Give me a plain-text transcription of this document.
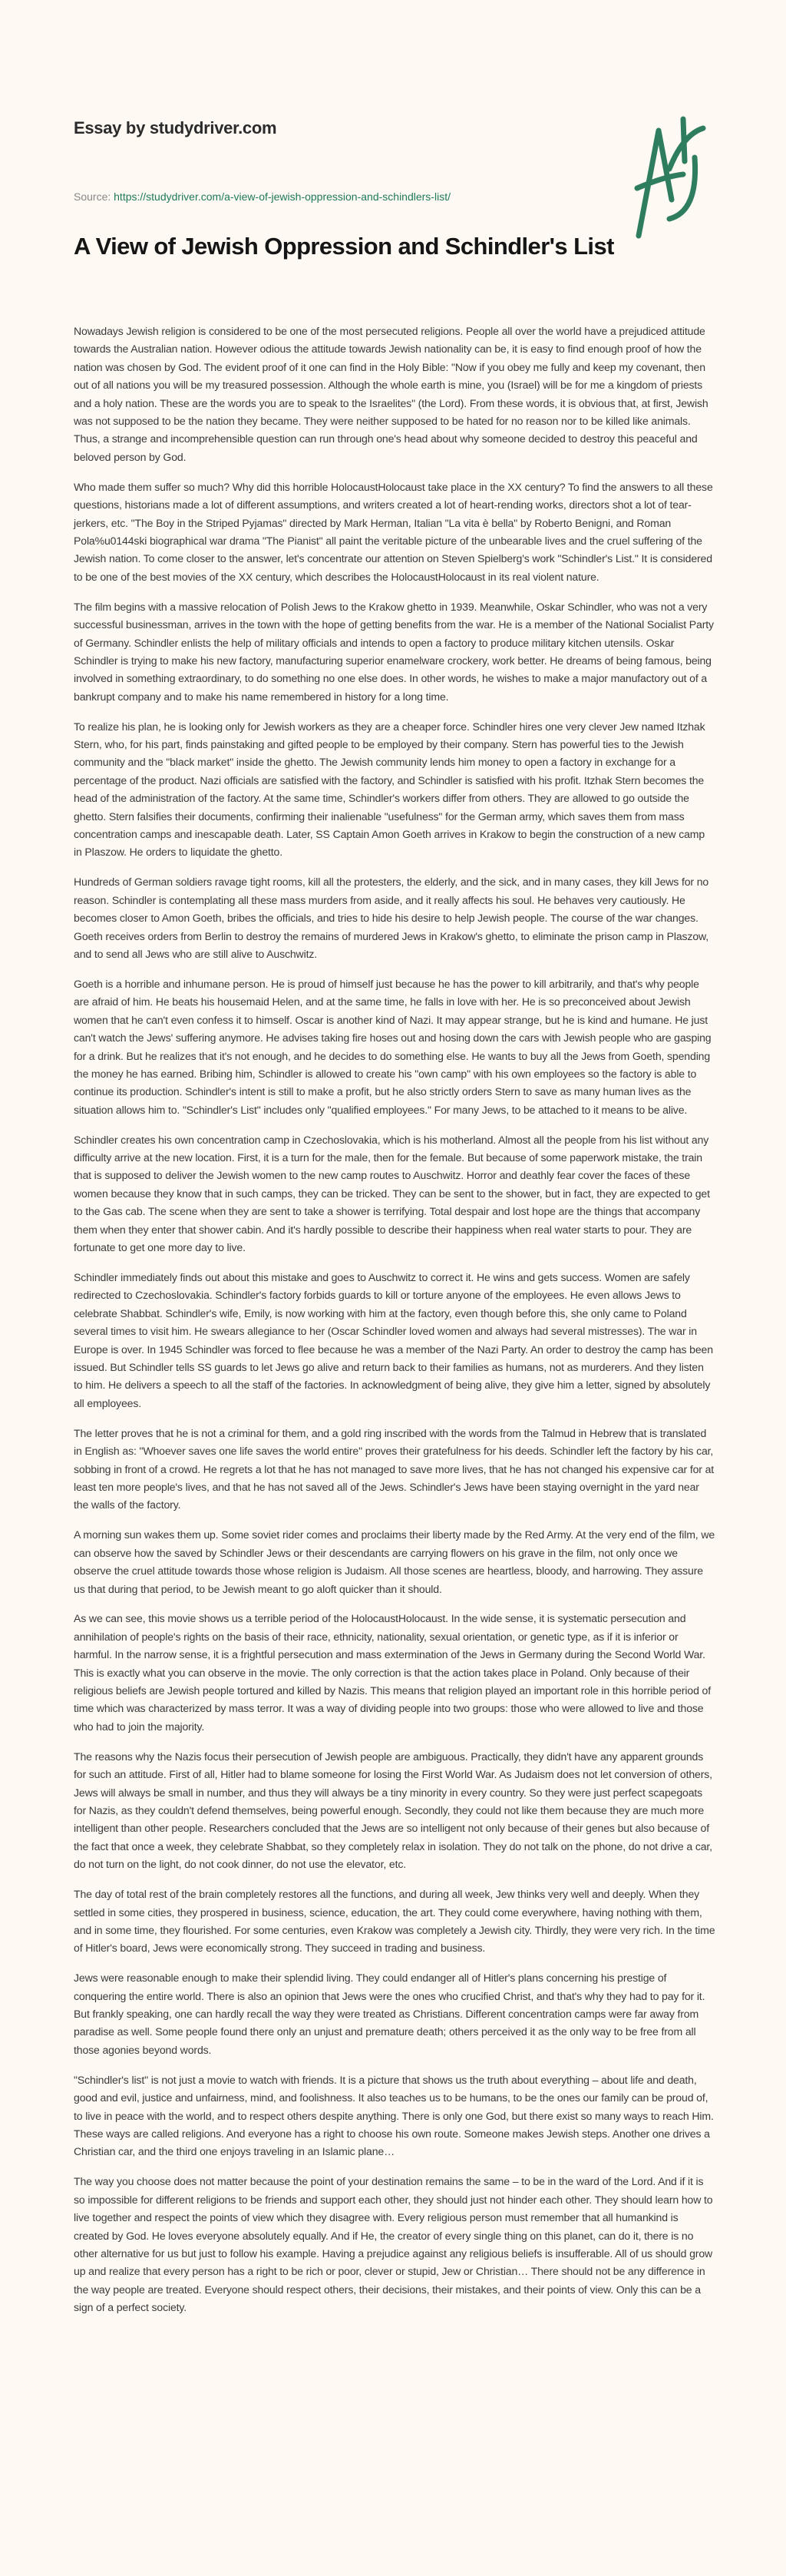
Essay by studydriver.com
Source: https://studydriver.com/a-view-of-jewish-oppression-and-schindlers-list/
A View of Jewish Oppression and Schindler's List

Nowadays Jewish religion is considered to be one of the most persecuted religions. People all over the world have a prejudiced attitude towards the Australian nation. However odious the attitude towards Jewish nationality can be, it is easy to find enough proof of how the nation was chosen by God. The evident proof of it one can find in the Holy Bible: "Now if you obey me fully and keep my covenant, then out of all nations you will be my treasured possession. Although the whole earth is mine, you (Israel) will be for me a kingdom of priests and a holy nation. These are the words you are to speak to the Israelites" (the Lord). From these words, it is obvious that, at first, Jewish was not supposed to be the nation they became. They were neither supposed to be hated for no reason nor to be killed like animals. Thus, a strange and incomprehensible question can run through one's head about why someone decided to destroy this peaceful and beloved person by God.

Who made them suffer so much? Why did this horrible HolocaustHolocaust take place in the XX century? To find the answers to all these questions, historians made a lot of different assumptions, and writers created a lot of heart-rending works, directors shot a lot of tear-jerkers, etc. "The Boy in the Striped Pyjamas" directed by Mark Herman, Italian "La vita è bella" by Roberto Benigni, and Roman Pola%u0144ski biographical war drama "The Pianist" all paint the veritable picture of the unbearable lives and the cruel suffering of the Jewish nation. To come closer to the answer, let's concentrate our attention on Steven Spielberg's work "Schindler's List." It is considered to be one of the best movies of the XX century, which describes the HolocaustHolocaust in its real violent nature.

The film begins with a massive relocation of Polish Jews to the Krakow ghetto in 1939. Meanwhile, Oskar Schindler, who was not a very successful businessman, arrives in the town with the hope of getting benefits from the war. He is a member of the National Socialist Party of Germany. Schindler enlists the help of military officials and intends to open a factory to produce military kitchen utensils. Oskar Schindler is trying to make his new factory, manufacturing superior enamelware crockery, work better. He dreams of being famous, being involved in something extraordinary, to do something no one else does. In other words, he wishes to make a major manufactory out of a bankrupt company and to make his name remembered in history for a long time.

To realize his plan, he is looking only for Jewish workers as they are a cheaper force. Schindler hires one very clever Jew named Itzhak Stern, who, for his part, finds painstaking and gifted people to be employed by their company. Stern has powerful ties to the Jewish community and the "black market" inside the ghetto. The Jewish community lends him money to open a factory in exchange for a percentage of the product. Nazi officials are satisfied with the factory, and Schindler is satisfied with his profit. Itzhak Stern becomes the head of the administration of the factory. At the same time, Schindler's workers differ from others. They are allowed to go outside the ghetto. Stern falsifies their documents, confirming their inalienable "usefulness" for the German army, which saves them from mass concentration camps and inescapable death. Later, SS Captain Amon Goeth arrives in Krakow to begin the construction of a new camp in Plaszow. He orders to liquidate the ghetto.

Hundreds of German soldiers ravage tight rooms, kill all the protesters, the elderly, and the sick, and in many cases, they kill Jews for no reason. Schindler is contemplating all these mass murders from aside, and it really affects his soul. He behaves very cautiously. He becomes closer to Amon Goeth, bribes the officials, and tries to hide his desire to help Jewish people. The course of the war changes. Goeth receives orders from Berlin to destroy the remains of murdered Jews in Krakow's ghetto, to eliminate the prison camp in Plaszow, and to send all Jews who are still alive to Auschwitz.

Goeth is a horrible and inhumane person. He is proud of himself just because he has the power to kill arbitrarily, and that's why people are afraid of him. He beats his housemaid Helen, and at the same time, he falls in love with her. He is so preconceived about Jewish women that he can't even confess it to himself. Oscar is another kind of Nazi. It may appear strange, but he is kind and humane. He just can't watch the Jews' suffering anymore. He advises taking fire hoses out and hosing down the cars with Jewish people who are gasping for a drink. But he realizes that it's not enough, and he decides to do something else. He wants to buy all the Jews from Goeth, spending the money he has earned. Bribing him, Schindler is allowed to create his "own camp" with his own employees so the factory is able to continue its production. Schindler's intent is still to make a profit, but he also strictly orders Stern to save as many human lives as the situation allows him to. "Schindler's List" includes only "qualified employees." For many Jews, to be attached to it means to be alive.

Schindler creates his own concentration camp in Czechoslovakia, which is his motherland. Almost all the people from his list without any difficulty arrive at the new location. First, it is a turn for the male, then for the female. But because of some paperwork mistake, the train that is supposed to deliver the Jewish women to the new camp routes to Auschwitz. Horror and deathly fear cover the faces of these women because they know that in such camps, they can be tricked. They can be sent to the shower, but in fact, they are expected to get to the Gas cab. The scene when they are sent to take a shower is terrifying. Total despair and lost hope are the things that accompany them when they enter that shower cabin. And it's hardly possible to describe their happiness when real water starts to pour. They are fortunate to get one more day to live.

Schindler immediately finds out about this mistake and goes to Auschwitz to correct it. He wins and gets success. Women are safely redirected to Czechoslovakia. Schindler's factory forbids guards to kill or torture anyone of the employees. He even allows Jews to celebrate Shabbat. Schindler's wife, Emily, is now working with him at the factory, even though before this, she only came to Poland several times to visit him. He swears allegiance to her (Oscar Schindler loved women and always had several mistresses). The war in Europe is over. In 1945 Schindler was forced to flee because he was a member of the Nazi Party. An order to destroy the camp has been issued. But Schindler tells SS guards to let Jews go alive and return back to their families as humans, not as murderers. And they listen to him. He delivers a speech to all the staff of the factories. In acknowledgment of being alive, they give him a letter, signed by absolutely all employees.

The letter proves that he is not a criminal for them, and a gold ring inscribed with the words from the Talmud in Hebrew that is translated in English as: "Whoever saves one life saves the world entire" proves their gratefulness for his deeds. Schindler left the factory by his car, sobbing in front of a crowd. He regrets a lot that he has not managed to save more lives, that he has not changed his expensive car for at least ten more people's lives, and that he has not saved all of the Jews. Schindler's Jews have been staying overnight in the yard near the walls of the factory.

A morning sun wakes them up. Some soviet rider comes and proclaims their liberty made by the Red Army. At the very end of the film, we can observe how the saved by Schindler Jews or their descendants are carrying flowers on his grave in the film, not only once we observe the cruel attitude towards those whose religion is Judaism. All those scenes are heartless, bloody, and harrowing. They assure us that during that period, to be Jewish meant to go aloft quicker than it should.

As we can see, this movie shows us a terrible period of the HolocaustHolocaust. In the wide sense, it is systematic persecution and annihilation of people's rights on the basis of their race, ethnicity, nationality, sexual orientation, or genetic type, as if it is inferior or harmful. In the narrow sense, it is a frightful persecution and mass extermination of the Jews in Germany during the Second World War. This is exactly what you can observe in the movie. The only correction is that the action takes place in Poland. Only because of their religious beliefs are Jewish people tortured and killed by Nazis. This means that religion played an important role in this horrible period of time which was characterized by mass terror. It was a way of dividing people into two groups: those who were allowed to live and those who had to join the majority.

The reasons why the Nazis focus their persecution of Jewish people are ambiguous. Practically, they didn't have any apparent grounds for such an attitude. First of all, Hitler had to blame someone for losing the First World War. As Judaism does not let conversion of others, Jews will always be small in number, and thus they will always be a tiny minority in every country. So they were just perfect scapegoats for Nazis, as they couldn't defend themselves, being powerful enough. Secondly, they could not like them because they are much more intelligent than other people. Researchers concluded that the Jews are so intelligent not only because of their genes but also because of the fact that once a week, they celebrate Shabbat, so they completely relax in isolation. They do not talk on the phone, do not drive a car, do not turn on the light, do not cook dinner, do not use the elevator, etc.

The day of total rest of the brain completely restores all the functions, and during all week, Jew thinks very well and deeply. When they settled in some cities, they prospered in business, science, education, the art. They could come everywhere, having nothing with them, and in some time, they flourished. For some centuries, even Krakow was completely a Jewish city. Thirdly, they were very rich. In the time of Hitler's board, Jews were economically strong. They succeed in trading and business.

Jews were reasonable enough to make their splendid living. They could endanger all of Hitler's plans concerning his prestige of conquering the entire world. There is also an opinion that Jews were the ones who crucified Christ, and that's why they had to pay for it. But frankly speaking, one can hardly recall the way they were treated as Christians. Different concentration camps were far away from paradise as well. Some people found there only an unjust and premature death; others perceived it as the only way to be free from all those agonies beyond words.

"Schindler's list" is not just a movie to watch with friends. It is a picture that shows us the truth about everything – about life and death, good and evil, justice and unfairness, mind, and foolishness. It also teaches us to be humans, to be the ones our family can be proud of, to live in peace with the world, and to respect others despite anything. There is only one God, but there exist so many ways to reach Him. These ways are called religions. And everyone has a right to choose his own route. Someone makes Jewish steps. Another one drives a Christian car, and the third one enjoys traveling in an Islamic plane…

The way you choose does not matter because the point of your destination remains the same – to be in the ward of the Lord. And if it is so impossible for different religions to be friends and support each other, they should just not hinder each other. They should learn how to live together and respect the points of view which they disagree with. Every religious person must remember that all humankind is created by God. He loves everyone absolutely equally. And if He, the creator of every single thing on this planet, can do it, there is no other alternative for us but just to follow his example. Having a prejudice against any religious beliefs is insufferable. All of us should grow up and realize that every person has a right to be rich or poor, clever or stupid, Jew or Christian… There should not be any difference in the way people are treated. Everyone should respect others, their decisions, their mistakes, and their points of view. Only this can be a sign of a perfect society.
